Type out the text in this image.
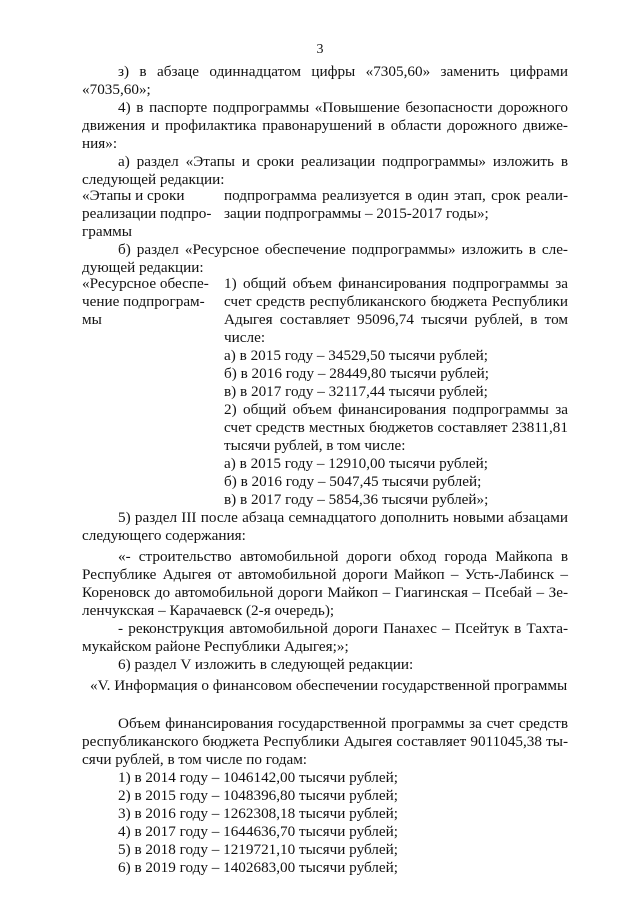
3

з) в абзаце одиннадцатом цифры «7305,60» заменить цифрами

«7035,60»;

4) в паспорте подпрограммы «Повышение безопасности дорожного

движения и профилактика правонарушений в области дорожного движе-

ния»:

а) раздел «Этапы и сроки реализации подпрограммы» изложить в

следующей редакции:

«Этапы и сроки

реализации подпро-

граммы

подпрограмма реализуется в один этап, срок реали-

зации подпрограммы – 2015-2017 годы»;

б) раздел «Ресурсное обеспечение подпрограммы» изложить в сле-

дующей редакции:

«Ресурсное обеспе-

чение подпрограм-

мы

1) общий объем финансирования подпрограммы за

счет средств республиканского бюджета Республики

Адыгея составляет 95096,74 тысячи рублей, в том

числе:

а) в 2015 году – 34529,50 тысячи рублей;

б) в 2016 году – 28449,80 тысячи рублей;

в) в 2017 году – 32117,44 тысячи рублей;

2) общий объем финансирования подпрограммы за

счет средств местных бюджетов составляет 23811,81

тысячи рублей, в том числе:

а) в 2015 году – 12910,00 тысячи рублей;

б) в 2016 году – 5047,45 тысячи рублей;

в) в 2017 году – 5854,36 тысячи рублей»;

5) раздел III после абзаца семнадцатого дополнить новыми абзацами

следующего содержания:

«- строительство автомобильной дороги обход города Майкопа в

Республике Адыгея от автомобильной дороги Майкоп – Усть-Лабинск –

Кореновск до автомобильной дороги Майкоп – Гиагинская – Псебай – Зе-

ленчукская – Карачаевск (2-я очередь);

- реконструкция автомобильной дороги Панахес – Псейтук в Тахта-

мукайском районе Республики Адыгея;»;

6) раздел V изложить в следующей редакции:

«V. Информация о финансовом обеспечении государственной программы

Объем финансирования государственной программы за счет средств

республиканского бюджета Республики Адыгея составляет 9011045,38 ты-

сячи рублей, в том числе по годам:

1) в 2014 году – 1046142,00 тысячи рублей;

2) в 2015 году – 1048396,80 тысячи рублей;

3) в 2016 году – 1262308,18 тысячи рублей;

4) в 2017 году – 1644636,70 тысячи рублей;

5) в 2018 году – 1219721,10 тысячи рублей;

6) в 2019 году – 1402683,00 тысячи рублей;
